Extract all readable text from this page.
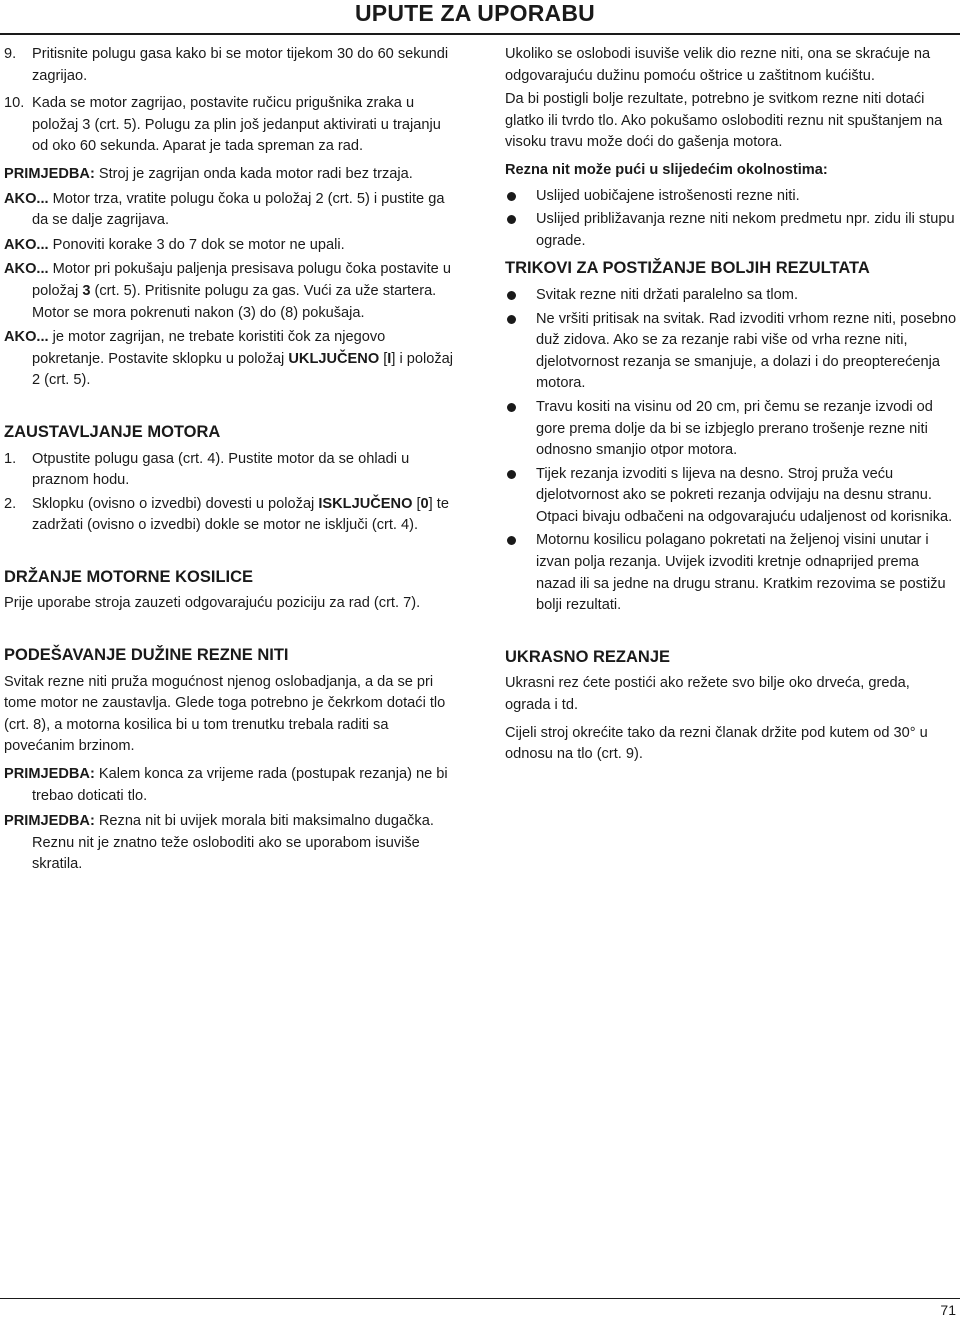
UPUTE ZA UPORABU
9. Pritisnite polugu gasa kako bi se motor tijekom 30 do 60 sekundi zagrijao.
10. Kada se motor zagrijao, postavite ručicu prigušnika zraka u položaj 3 (crt. 5). Polugu za plin još jedanput aktivirati u trajanju od oko 60 sekunda. Aparat je tada spreman za rad.
PRIMJEDBA: Stroj je zagrijan onda kada motor radi bez trzaja.
AKO... Motor trza, vratite polugu čoka u položaj 2 (crt. 5) i pustite ga da se dalje zagrijava.
AKO... Ponoviti korake 3 do 7 dok se motor ne upali.
AKO... Motor pri pokušaju paljenja presisava polugu čoka postavite u položaj 3 (crt. 5). Pritisnite polugu za gas. Vući za uže startera. Motor se mora pokrenuti nakon (3) do (8) pokušaja.
AKO... je motor zagrijan, ne trebate koristiti čok za njegovo pokretanje. Postavite sklopku u položaj UKLJUČENO [I] i položaj 2 (crt. 5).
ZAUSTAVLJANJE MOTORA
1. Otpustite polugu gasa (crt. 4). Pustite motor da se ohladi u praznom hodu.
2. Sklopku (ovisno o izvedbi) dovesti u položaj ISKLJUČENO [0] te zadržati (ovisno o izvedbi) dokle se motor ne isključi (crt. 4).
DRŽANJE MOTORNE KOSILICE
Prije uporabe stroja zauzeti odgovarajuću poziciju za rad (crt. 7).
PODEŠAVANJE DUŽINE REZNE NITI
Svitak rezne niti pruža mogućnost njenog oslobadjanja, a da se pri tome motor ne zaustavlja. Glede toga potrebno je čekrkom dotaći tlo (crt. 8), a motorna kosilica bi u tom trenutku trebala raditi sa povećanim brzinom.
PRIMJEDBA: Kalem konca za vrijeme rada (postupak rezanja) ne bi trebao doticati tlo.
PRIMJEDBA: Rezna nit bi uvijek morala biti maksimalno dugačka. Reznu nit je znatno teže osloboditi ako se uporabom isuviše skratila.
Ukoliko se oslobodi isuviše velik dio rezne niti, ona se skraćuje na odgovarajuću dužinu pomoću oštrice u zaštitnom kućištu.
Da bi postigli bolje rezultate, potrebno je svitkom rezne niti dotaći glatko ili tvrdo tlo. Ako pokušamo osloboditi reznu nit spuštanjem na visoku travu može doći do gašenja motora.
Rezna nit može pući u slijedećim okolnostima:
Uslijed uobičajene istrošenosti rezne niti.
Uslijed približavanja rezne niti nekom predmetu npr. zidu ili stupu ograde.
TRIKOVI ZA POSTIŽANJE BOLJIH REZULTATA
Svitak rezne niti držati paralelno sa tlom.
Ne vršiti pritisak na svitak. Rad izvoditi vrhom rezne niti, posebno duž zidova. Ako se za rezanje rabi više od vrha rezne niti, djelotvornost rezanja se smanjuje, a dolazi i do preopterećenja motora.
Travu kositi na visinu od 20 cm, pri čemu se rezanje izvodi od gore prema dolje da bi se izbjeglo prerano trošenje rezne niti odnosno smanjio otpor motora.
Tijek rezanja izvoditi s lijeva na desno. Stroj pruža veću djelotvornost ako se pokreti rezanja odvijaju na desnu stranu. Otpaci bivaju odbačeni na odgovarajuću udaljenost od korisnika.
Motornu kosilicu polagano pokretati na željenoj visini unutar i izvan polja rezanja. Uvijek izvoditi kretnje odnaprijed prema nazad ili sa jedne na drugu stranu. Kratkim rezovima se postižu bolji rezultati.
UKRASNO REZANJE
Ukrasni rez ćete postići ako režete svo bilje oko drveća, greda, ograda i td.
Cijeli stroj okrećite tako da rezni članak držite pod kutem od 30° u odnosu na tlo (crt. 9).
71
